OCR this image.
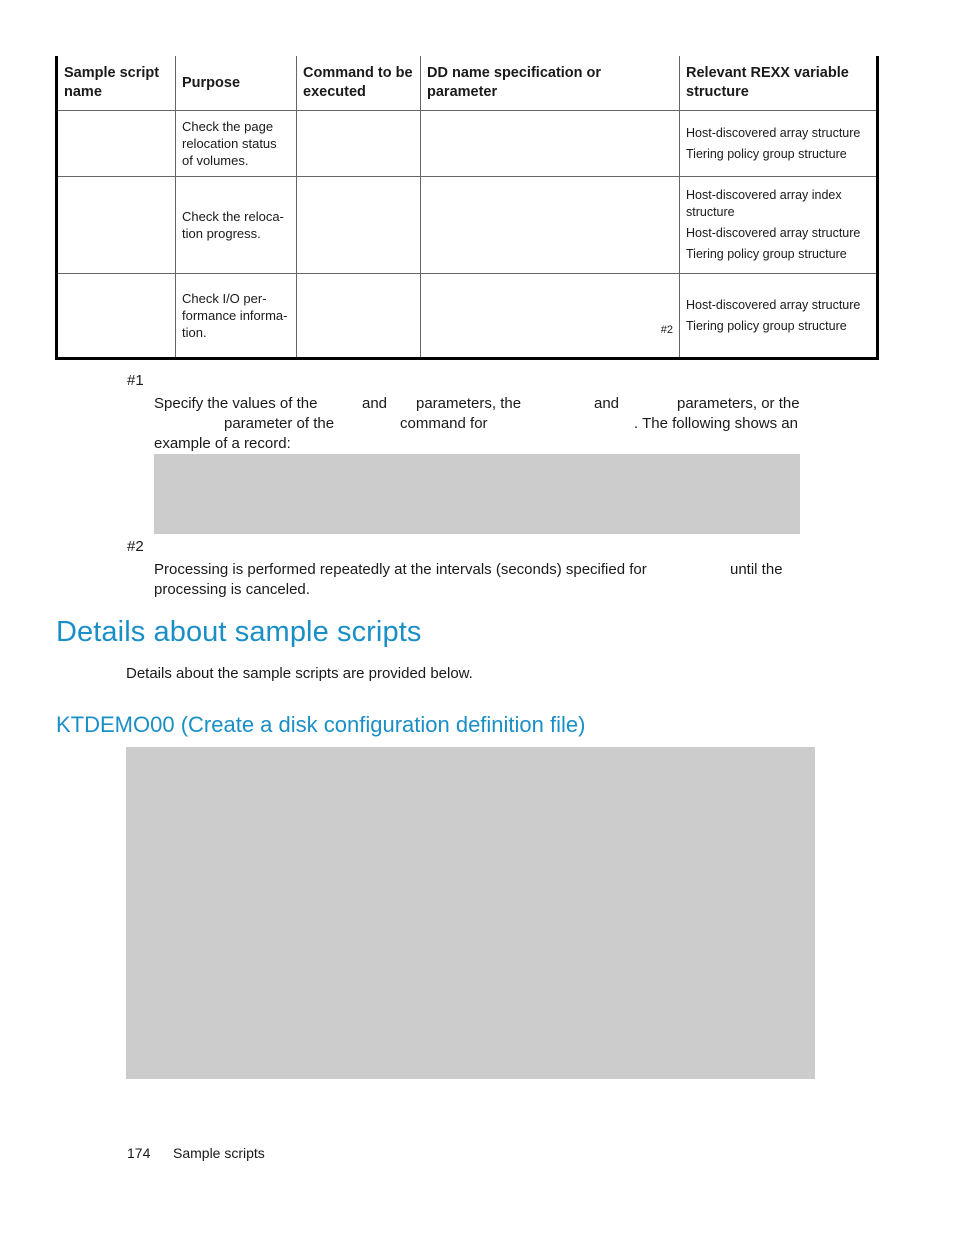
Sample script name	Purpose	Command to be executed	DD name specification or parameter	Relevant REXX variable structure

	Check the page relocation status of volumes.			Host-discovered array structure
Tiering policy group structure

	Check the reloca-tion progress.			Host-discovered array index structure
Host-discovered array structure
Tiering policy group structure

	Check I/O per-formance informa-tion.		#2	Host-discovered array structure
Tiering policy group structure
#1
Specify the values of the	and parameters, the	and	parameters, or the
parameter of the	command for	. The following shows an
example of a record:
#2
Processing is performed repeatedly at the intervals (seconds) specified for	until the
processing is canceled.
Details about sample scripts
Details about the sample scripts are provided below.
KTDEMO00 (Create a disk configuration definition file)
174 Sample scripts
